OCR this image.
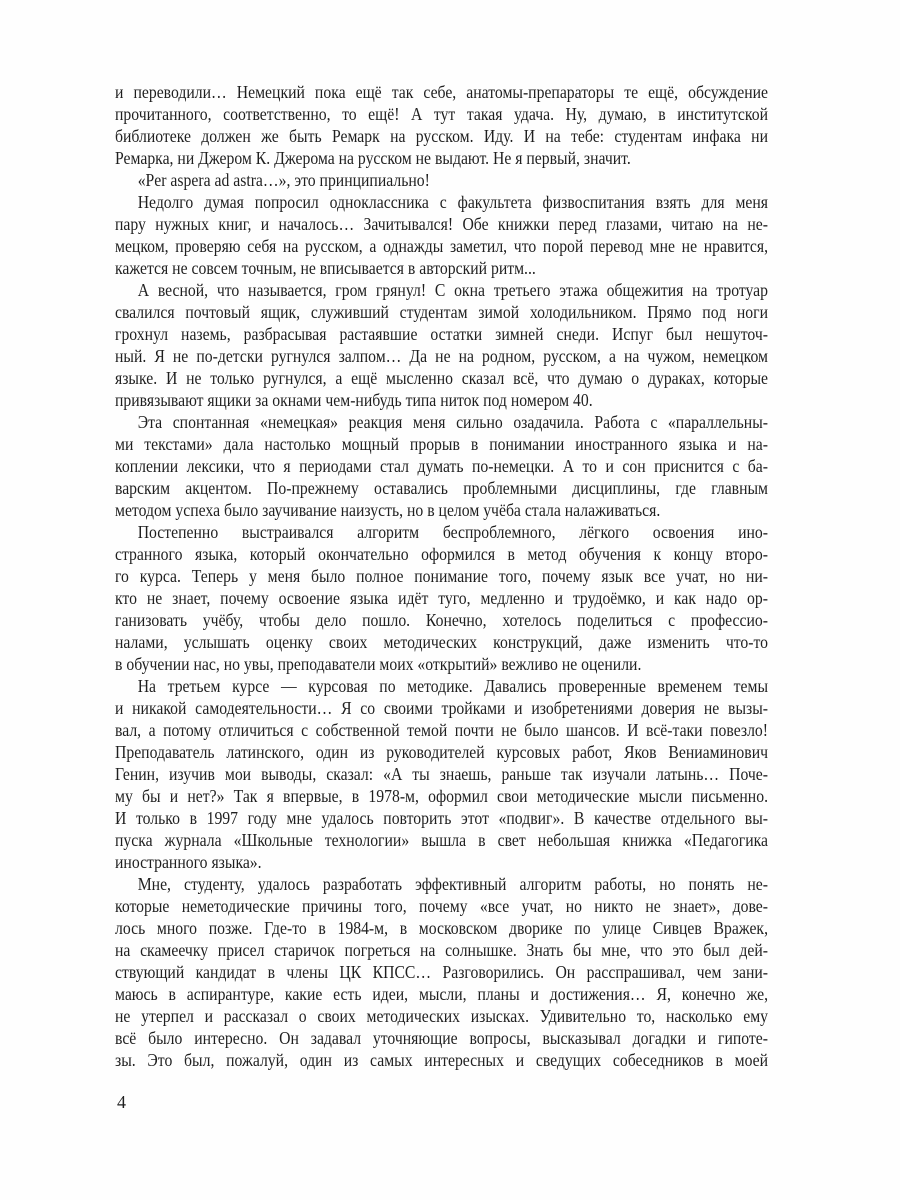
и переводили… Немецкий пока ещё так себе, анатомы-препараторы те ещё, обсуждение
прочитанного, соответственно, то ещё! А тут такая удача. Ну, думаю, в институтской
библиотеке должен же быть Ремарк на русском. Иду. И на тебе: студентам инфака ни
Ремарка, ни Джером К. Джерома на русском не выдают. Не я первый, значит.
«Per aspera ad astra…», это принципиально!
Недолго думая попросил одноклассника с факультета физвоспитания взять для меня
пару нужных книг, и началось… Зачитывался! Обе книжки перед глазами, читаю на не-
мецком, проверяю себя на русском, а однажды заметил, что порой перевод мне не нравится,
кажется не совсем точным, не вписывается в авторский ритм...
А весной, что называется, гром грянул! С окна третьего этажа общежития на тротуар
свалился почтовый ящик, служивший студентам зимой холодильником. Прямо под ноги
грохнул наземь, разбрасывая растаявшие остатки зимней снеди. Испуг был нешуточ-
ный. Я не по-детски ругнулся залпом… Да не на родном, русском, а на чужом, немецком
языке. И не только ругнулся, а ещё мысленно сказал всё, что думаю о дураках, которые
привязывают ящики за окнами чем-нибудь типа ниток под номером 40.
Эта спонтанная «немецкая» реакция меня сильно озадачила. Работа с «параллельны-
ми текстами» дала настолько мощный прорыв в понимании иностранного языка и на-
коплении лексики, что я периодами стал думать по-немецки. А то и сон приснится с ба-
варским акцентом. По-прежнему оставались проблемными дисциплины, где главным
методом успеха было заучивание наизусть, но в целом учёба стала налаживаться.
Постепенно выстраивался алгоритм беспроблемного, лёгкого освоения ино-
странного языка, который окончательно оформился в метод обучения к концу второ-
го курса. Теперь у меня было полное понимание того, почему язык все учат, но ни-
кто не знает, почему освоение языка идёт туго, медленно и трудоёмко, и как надо ор-
ганизовать учёбу, чтобы дело пошло. Конечно, хотелось поделиться с профессио-
налами, услышать оценку своих методических конструкций, даже изменить что-то
в обучении нас, но увы, преподаватели моих «открытий» вежливо не оценили.
На третьем курсе — курсовая по методике. Давались проверенные временем темы
и никакой самодеятельности… Я со своими тройками и изобретениями доверия не вызы-
вал, а потому отличиться с собственной темой почти не было шансов. И всё-таки повезло!
Преподаватель латинского, один из руководителей курсовых работ, Яков Вениаминович
Генин, изучив мои выводы, сказал: «А ты знаешь, раньше так изучали латынь… Поче-
му бы и нет?» Так я впервые, в 1978-м, оформил свои методические мысли письменно.
И только в 1997 году мне удалось повторить этот «подвиг». В качестве отдельного вы-
пуска журнала «Школьные технологии» вышла в свет небольшая книжка «Педагогика
иностранного языка».
Мне, студенту, удалось разработать эффективный алгоритм работы, но понять не-
которые неметодические причины того, почему «все учат, но никто не знает», дове-
лось много позже. Где-то в 1984-м, в московском дворике по улице Сивцев Вражек,
на скамеечку присел старичок погреться на солнышке. Знать бы мне, что это был дей-
ствующий кандидат в члены ЦК КПСС… Разговорились. Он расспрашивал, чем зани-
маюсь в аспирантуре, какие есть идеи, мысли, планы и достижения… Я, конечно же,
не утерпел и рассказал о своих методических изысках. Удивительно то, насколько ему
всё было интересно. Он задавал уточняющие вопросы, высказывал догадки и гипоте-
зы. Это был, пожалуй, один из самых интересных и сведущих собеседников в моей
4
